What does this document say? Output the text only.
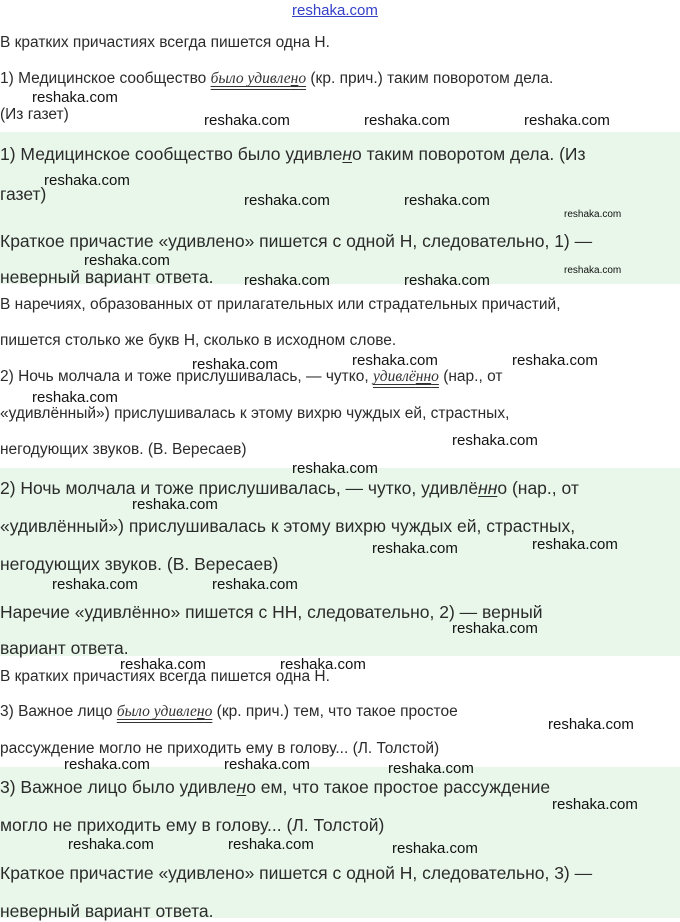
reshaka.com
В кратких причастиях всегда пишется одна Н.
1) Медицинское сообщество было удивлено (кр. прич.) таким поворотом дела.
(Из газет)
1) Медицинское сообщество было удивлено таким поворотом дела. (Из
газет)
Краткое причастие «удивлено» пишется с одной Н, следовательно, 1) —
неверный вариант ответа.
В наречиях, образованных от прилагательных или страдательных причастий,
пишется столько же букв Н, сколько в исходном слове.
2) Ночь молчала и тоже прислушивалась, — чутко, удивлённо (нар., от
«удивлённый») прислушивалась к этому вихрю чуждых ей, страстных,
негодующих звуков. (В. Вересаев)
2) Ночь молчала и тоже прислушивалась, — чутко, удивлённо (нар., от
«удивлённый») прислушивалась к этому вихрю чуждых ей, страстных,
негодующих звуков. (В. Вересаев)
Наречие «удивлённо» пишется с НН, следовательно, 2) — верный
вариант ответа.
В кратких причастиях всегда пишется одна Н.
3) Важное лицо было удивлено (кр. прич.) тем, что такое простое
рассуждение могло не приходить ему в голову... (Л. Толстой)
3) Важное лицо было удивлено ем, что такое простое рассуждение
могло не приходить ему в голову... (Л. Толстой)
Краткое причастие «удивлено» пишется с одной Н, следовательно, 3) —
неверный вариант ответа.
reshaka.com
reshaka.com	reshaka.com	reshaka.com
reshaka.com
reshaka.com	reshaka.com
reshaka.com
reshaka.com
reshaka.com
reshaka.com	reshaka.com
reshaka.com	reshaka.com
reshaka.com
reshaka.com
reshaka.com
reshaka.com
reshaka.com
reshaka.com
reshaka.com
reshaka.com	reshaka.com
reshaka.com
reshaka.com	reshaka.com
reshaka.com
reshaka.com	reshaka.com	reshaka.com
reshaka.com
reshaka.com	reshaka.com	reshaka.com
